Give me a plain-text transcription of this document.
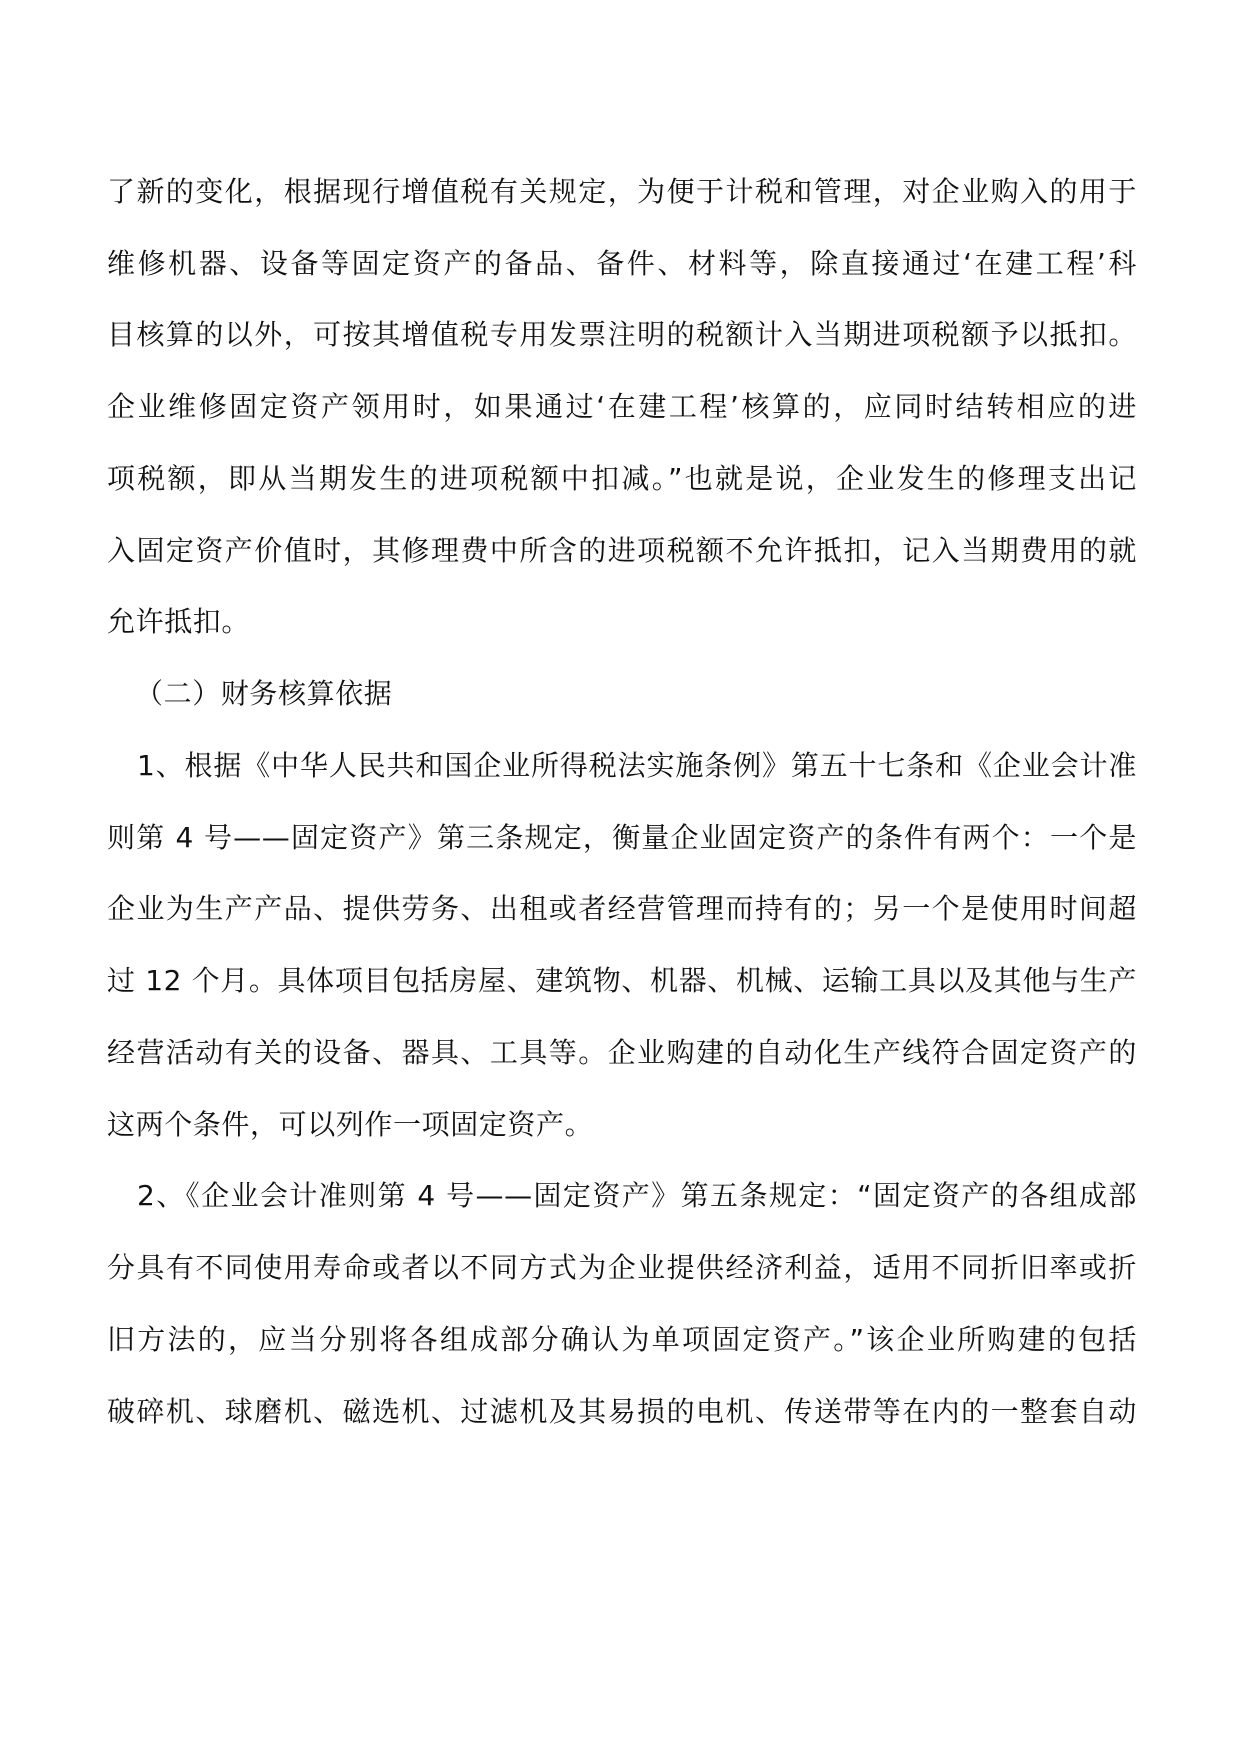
了新的变化，根据现行增值税有关规定，为便于计税和管理，对企业购入的用于
维修机器、设备等固定资产的备品、备件、材料等，除直接通过‘在建工程’科
目核算的以外，可按其增值税专用发票注明的税额计入当期进项税额予以抵扣。
企业维修固定资产领用时，如果通过‘在建工程’核算的，应同时结转相应的进
项税额，即从当期发生的进项税额中扣减。”也就是说，企业发生的修理支出记
入固定资产价值时，其修理费中所含的进项税额不允许抵扣，记入当期费用的就
允许抵扣。
（二）财务核算依据
1、根据《中华人民共和国企业所得税法实施条例》第五十七条和《企业会计准
则第 4 号——固定资产》第三条规定，衡量企业固定资产的条件有两个：一个是
企业为生产产品、提供劳务、出租或者经营管理而持有的；另一个是使用时间超
过 12 个月。具体项目包括房屋、建筑物、机器、机械、运输工具以及其他与生产
经营活动有关的设备、器具、工具等。企业购建的自动化生产线符合固定资产的
这两个条件，可以列作一项固定资产。
2、《企业会计准则第 4 号——固定资产》第五条规定：“固定资产的各组成部
分具有不同使用寿命或者以不同方式为企业提供经济利益，适用不同折旧率或折
旧方法的，应当分别将各组成部分确认为单项固定资产。”该企业所购建的包括
破碎机、球磨机、磁选机、过滤机及其易损的电机、传送带等在内的一整套自动
